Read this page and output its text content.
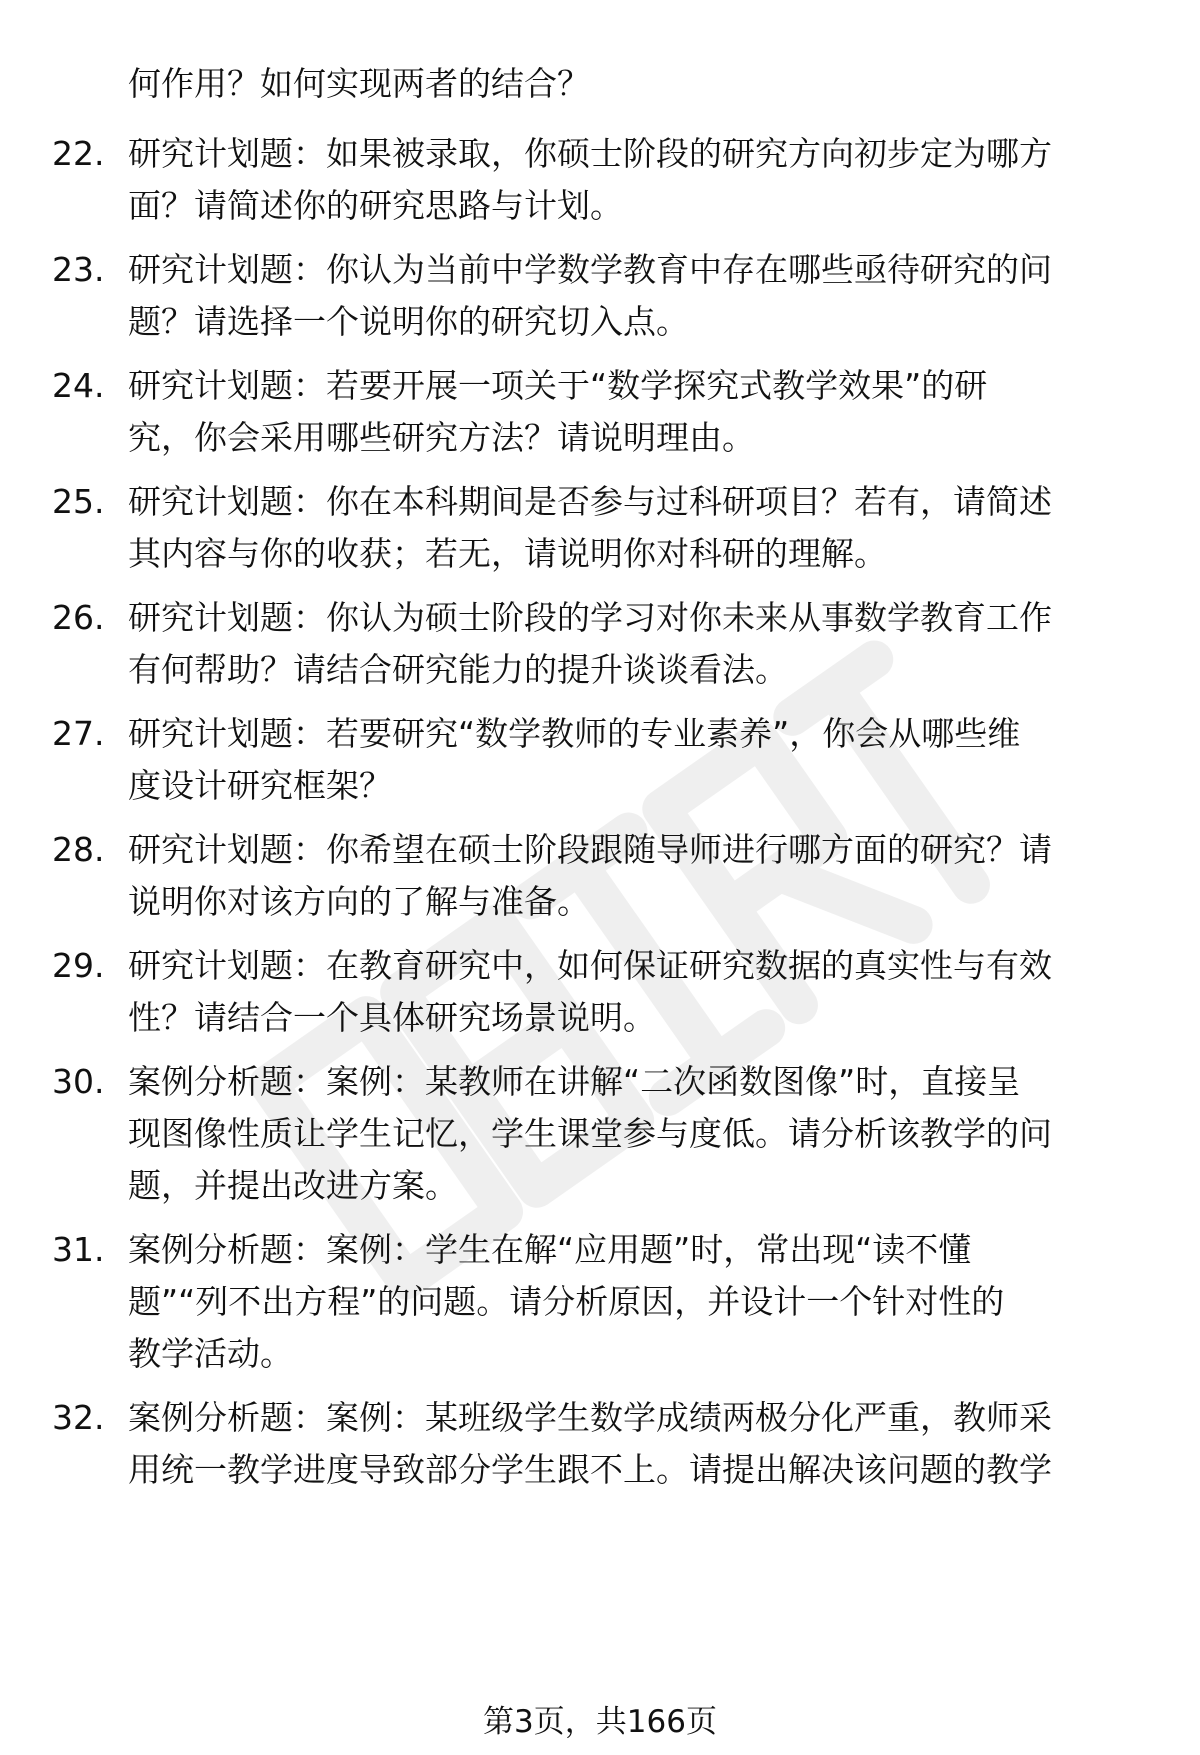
何作用？如何实现两者的结合？
22. 研究计划题：如果被录取，你硕士阶段的研究方向初步定为哪方
面？请简述你的研究思路与计划。
23. 研究计划题：你认为当前中学数学教育中存在哪些亟待研究的问
题？请选择一个说明你的研究切入点。
24. 研究计划题：若要开展一项关于“数学探究式教学效果”的研
究，你会采用哪些研究方法？请说明理由。
25. 研究计划题：你在本科期间是否参与过科研项目？若有，请简述
其内容与你的收获；若无，请说明你对科研的理解。
26. 研究计划题：你认为硕士阶段的学习对你未来从事数学教育工作
有何帮助？请结合研究能力的提升谈谈看法。
27. 研究计划题：若要研究“数学教师的专业素养”，你会从哪些维
度设计研究框架？
28. 研究计划题：你希望在硕士阶段跟随导师进行哪方面的研究？请
说明你对该方向的了解与准备。
29. 研究计划题：在教育研究中，如何保证研究数据的真实性与有效
性？请结合一个具体研究场景说明。
30. 案例分析题：案例：某教师在讲解“二次函数图像”时，直接呈
现图像性质让学生记忆，学生课堂参与度低。请分析该教学的问
题，并提出改进方案。
31. 案例分析题：案例：学生在解“应用题”时，常出现“读不懂
题”“列不出方程”的问题。请分析原因，并设计一个针对性的
教学活动。
32. 案例分析题：案例：某班级学生数学成绩两极分化严重，教师采
用统一教学进度导致部分学生跟不上。请提出解决该问题的教学
第3页，共166页
